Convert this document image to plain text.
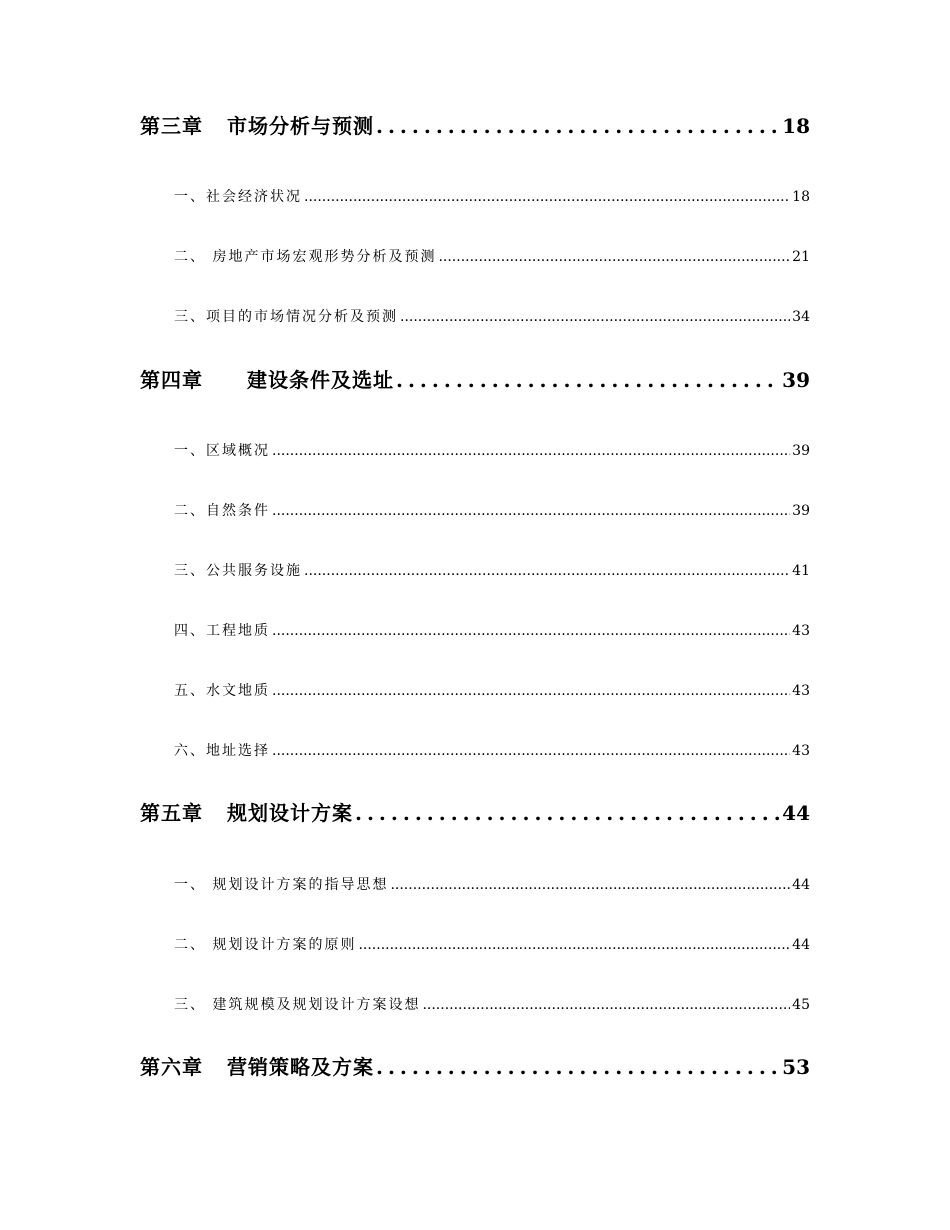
第三章 市场分析与预测 .....	18
一、社会经济状况 .....	18
二、 房地产市场宏观形势分析及预测 .....	21
三、项目的市场情况分析及预测 .....	34
第四章 建设条件及选址 .....	39
一、区域概况 .....	39
二、自然条件 .....	39
三、公共服务设施 .....	41
四、工程地质 .....	43
五、水文地质 .....	43
六、地址选择 .....	43
第五章 规划设计方案 .....	44
一、 规划设计方案的指导思想 .....	44
二、 规划设计方案的原则 .....	44
三、 建筑规模及规划设计方案设想 .....	45
第六章 营销策略及方案 .....	53
